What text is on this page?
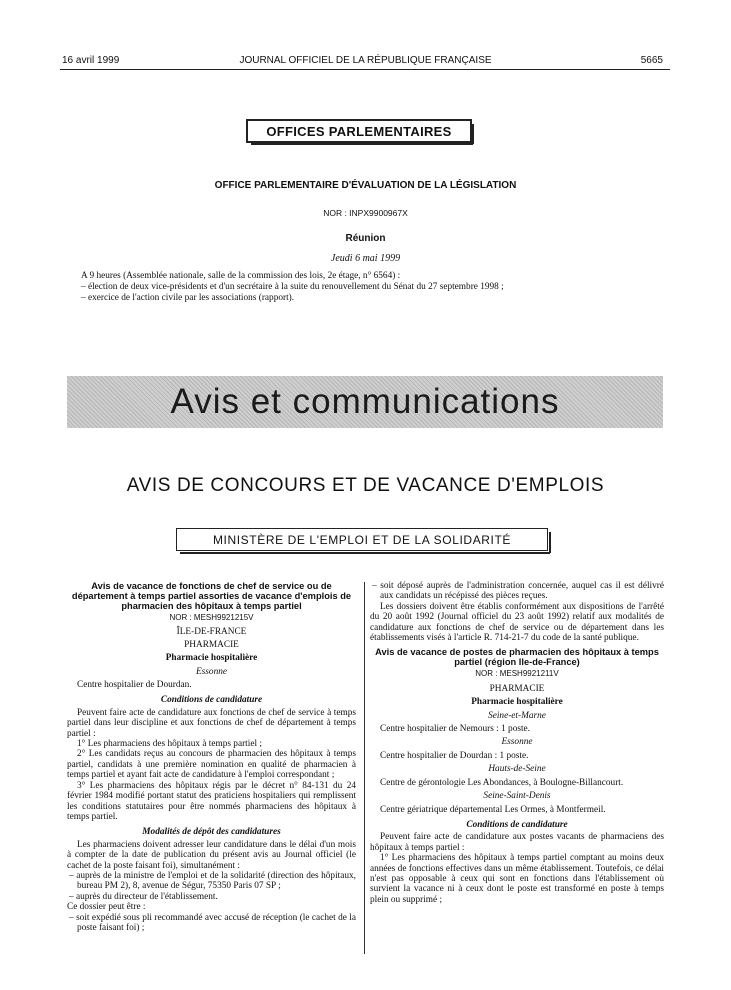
16 avril 1999	JOURNAL OFFICIEL DE LA RÉPUBLIQUE FRANÇAISE	5665
OFFICES PARLEMENTAIRES
OFFICE PARLEMENTAIRE D'ÉVALUATION DE LA LÉGISLATION
NOR : INPX9900967X
Réunion
Jeudi 6 mai 1999
A 9 heures (Assemblée nationale, salle de la commission des lois, 2e étage, n° 6564) :
– élection de deux vice-présidents et d'un secrétaire à la suite du renouvellement du Sénat du 27 septembre 1998 ;
– exercice de l'action civile par les associations (rapport).
Avis et communications
AVIS DE CONCOURS ET DE VACANCE D'EMPLOIS
MINISTÈRE DE L'EMPLOI ET DE LA SOLIDARITÉ
Avis de vacance de fonctions de chef de service ou de département à temps partiel assorties de vacance d'emplois de pharmacien des hôpitaux à temps partiel
NOR : MESH9921215V
ÎLE-DE-FRANCE
PHARMACIE
Pharmacie hospitalière
Essonne
Centre hospitalier de Dourdan.
Conditions de candidature

Peuvent faire acte de candidature aux fonctions de chef de service à temps partiel dans leur discipline et aux fonctions de chef de département à temps partiel :

1° Les pharmaciens des hôpitaux à temps partiel ;

2° Les candidats reçus au concours de pharmacien des hôpitaux à temps partiel, candidats à une première nomination en qualité de pharmacien à temps partiel et ayant fait acte de candidature à l'emploi correspondant ;

3° Les pharmaciens des hôpitaux régis par le décret n° 84-131 du 24 février 1984 modifié portant statut des praticiens hospitaliers qui remplissent les conditions statutaires pour être nommés pharmaciens des hôpitaux à temps partiel.

Modalités de dépôt des candidatures

Les pharmaciens doivent adresser leur candidature dans le délai d'un mois à compter de la date de publication du présent avis au Journal officiel (le cachet de la poste faisant foi), simultanément :

– auprès de la ministre de l'emploi et de la solidarité (direction des hôpitaux, bureau PM 2), 8, avenue de Ségur, 75350 Paris 07 SP ;

– auprès du directeur de l'établissement.

Ce dossier peut être :

– soit expédié sous pli recommandé avec accusé de réception (le cachet de la poste faisant foi) ;

– soit déposé auprès de l'administration concernée, auquel cas il est délivré aux candidats un récépissé des pièces reçues.

Les dossiers doivent être établis conformément aux dispositions de l'arrêté du 20 août 1992 (Journal officiel du 23 août 1992) relatif aux modalités de candidature aux fonctions de chef de service ou de département dans les établissements visés à l'article R. 714-21-7 du code de la santé publique.

Avis de vacance de postes de pharmacien des hôpitaux à temps partiel (région Ile-de-France)
NOR : MESH9921211V
PHARMACIE
Pharmacie hospitalière
Seine-et-Marne
Centre hospitalier de Nemours : 1 poste.
Essonne
Centre hospitalier de Dourdan : 1 poste.
Hauts-de-Seine
Centre de gérontologie Les Abondances, à Boulogne-Billancourt.
Seine-Saint-Denis
Centre gériatrique départemental Les Ormes, à Montfermeil.
Conditions de candidature

Peuvent faire acte de candidature aux postes vacants de pharmaciens des hôpitaux à temps partiel :

1° Les pharmaciens des hôpitaux à temps partiel comptant au moins deux années de fonctions effectives dans un même établissement. Toutefois, ce délai n'est pas opposable à ceux qui sont en fonctions dans l'établissement où survient la vacance ni à ceux dont le poste est transformé en poste à temps plein ou supprimé ;
